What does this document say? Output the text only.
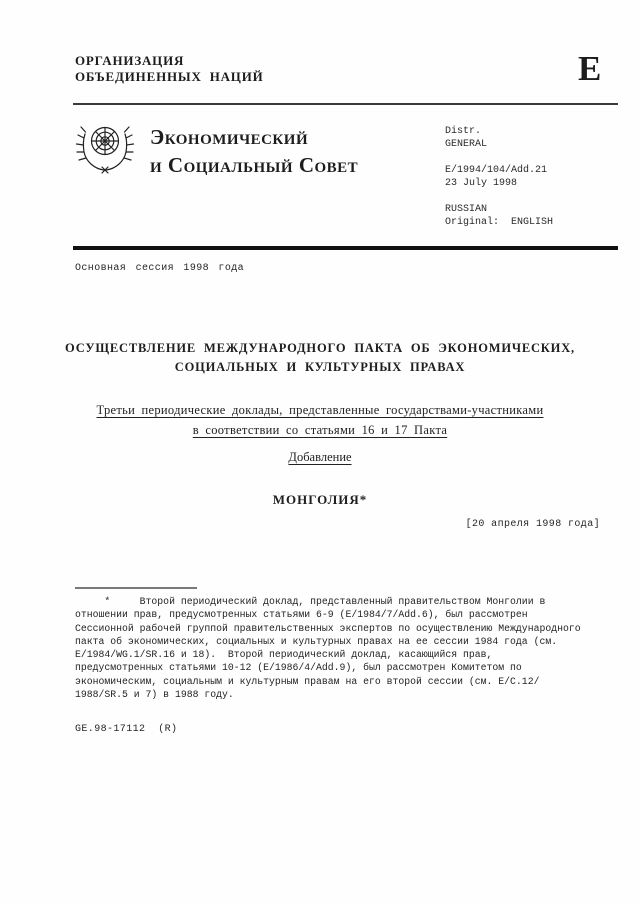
ОРГАНИЗАЦИЯ
ОБЪЕДИНЕННЫХ НАЦИЙ	E
Экономический
и Социальный Совет
Distr.
GENERAL
E/1994/104/Add.21
23 July 1998
RUSSIAN
Original:  ENGLISH
Основная сессия 1998 года
ОСУЩЕСТВЛЕНИЕ МЕЖДУНАРОДНОГО ПАКТА ОБ ЭКОНОМИЧЕСКИХ,
СОЦИАЛЬНЫХ И КУЛЬТУРНЫХ ПРАВАХ
Третьи периодические доклады, представленные государствами-участниками
в соответствии со статьями 16 и 17 Пакта
Добавление
МОНГОЛИЯ*
[20 апреля 1998 года]
*     Второй периодический доклад, представленный правительством Монголии в
отношении прав, предусмотренных статьями 6-9 (E/1984/7/Add.6), был рассмотрен
Сессионной рабочей группой правительственных экспертов по осуществлению Международного
пакта об экономических, социальных и культурных правах на ее сессии 1984 года (см.
E/1984/WG.1/SR.16 и 18).  Второй периодический доклад, касающийся прав,
предусмотренных статьями 10-12 (E/1986/4/Add.9), был рассмотрен Комитетом по
экономическим, социальным и культурным правам на его второй сессии (см. E/C.12/
1988/SR.5 и 7) в 1988 году.
GE.98-17112  (R)
